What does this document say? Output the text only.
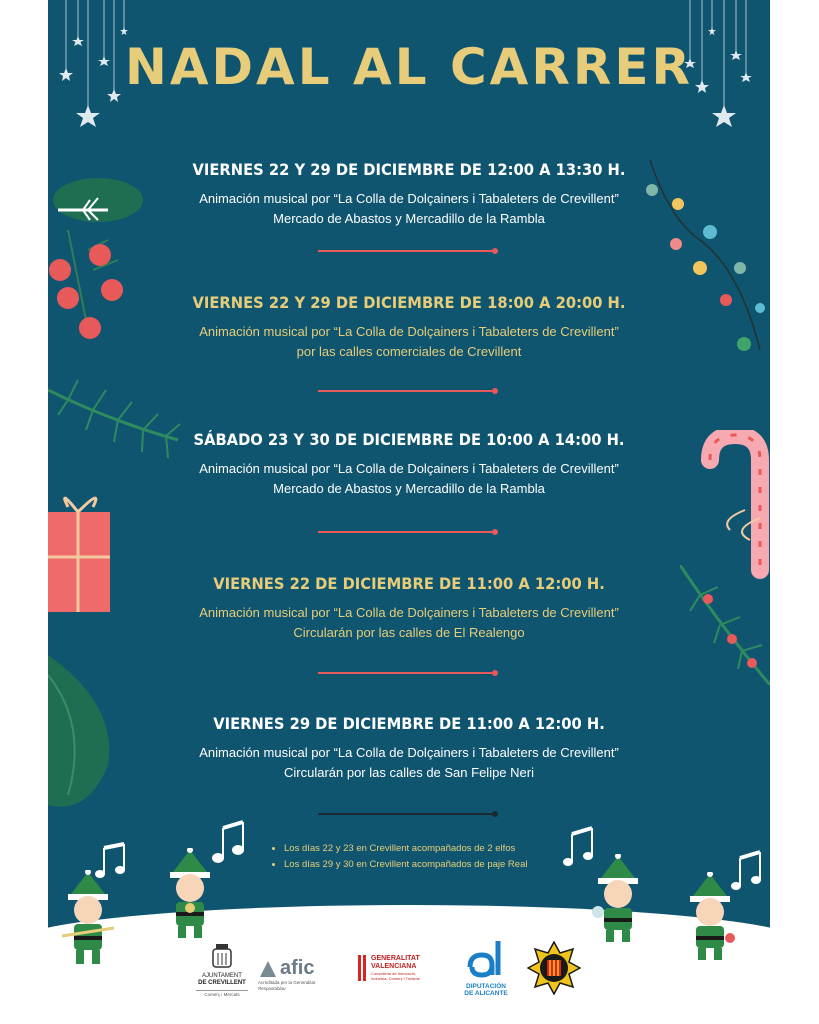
NADAL AL CARRER
VIERNES 22 Y 29 DE DICIEMBRE DE 12:00 A 13:30 H.
Animación musical por “La Colla de Dolçainers i Tabaleters de Crevillent”
Mercado de Abastos y Mercadillo de la Rambla
VIERNES 22 Y 29 DE DICIEMBRE DE 18:00 A 20:00 H.
Animación musical por “La Colla de Dolçainers i Tabaleters de Crevillent”
por las calles comerciales de Crevillent
SÁBADO 23 Y 30 DE DICIEMBRE DE 10:00 A 14:00 H.
Animación musical por “La Colla de Dolçainers i Tabaleters de Crevillent”
Mercado de Abastos y Mercadillo de la Rambla
VIERNES 22 DE DICIEMBRE DE 11:00 A 12:00 H.
Animación musical por “La Colla de Dolçainers i Tabaleters de Crevillent”
Circularán por las calles de El Realengo
VIERNES 29 DE DICIEMBRE DE 11:00 A 12:00 H.
Animación musical por “La Colla de Dolçainers i Tabaleters de Crevillent”
Circularán por las calles de San Felipe Neri
• Los días 22 y 23 en Crevillent acompañados de 2 elfos
• Los días 29 y 30 en Crevillent acompañados de paje Real
AJUNTAMENT
DE CREVILLENT
Comerç i Mercats
afic
Acreditada per la Generalitat
Respostablau
GENERALITAT
VALENCIANA
Conselleria de Innovació, Indústria, Comerç i Turisme
DIPUTACIÓN
DE ALICANTE
